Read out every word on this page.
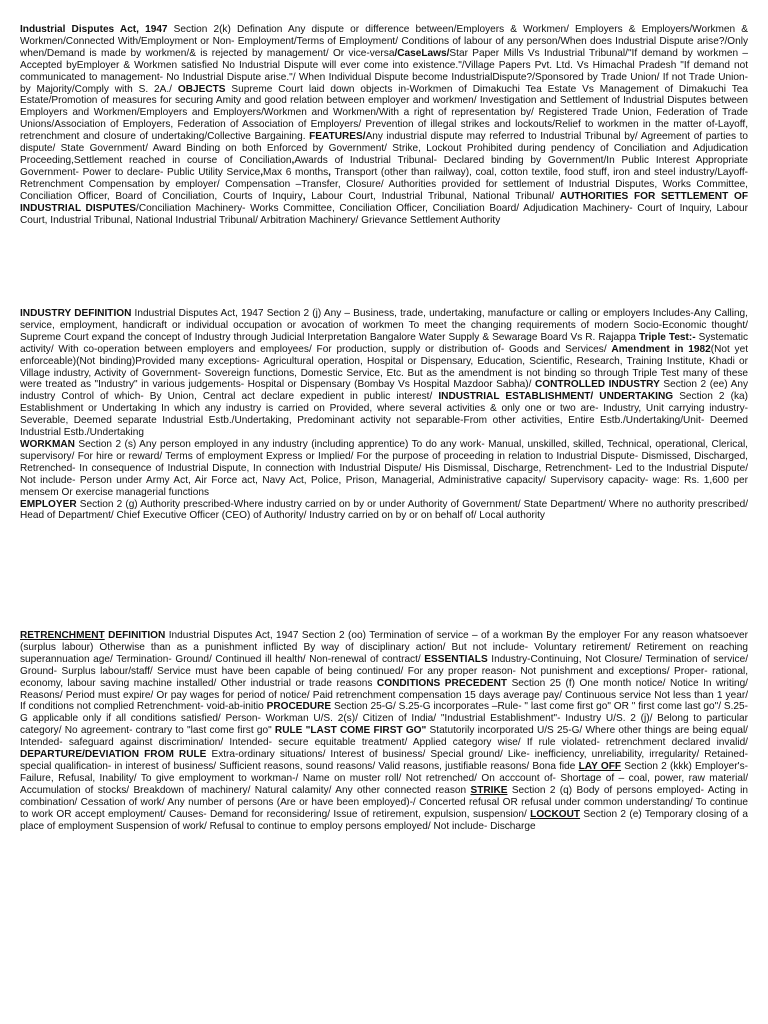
Industrial Disputes Act, 1947 Section 2(k) Defination Any dispute or difference between/Employers & Workmen/ Employers & Employers/Workmen & Workmen/Connected With/Employment or Non- Employment/Terms of Employment/ Conditions of labour of any person/When does Industrial Dispute arise?/Only when/Demand is made by workmen/& is rejected by management/ Or vice-versa/CaseLaws/Star Paper Mills Vs Industrial Tribunal/"If demand by workmen – Accepted byEmployer & Workmen satisfied No Industrial Dispute will ever come into existence."/Village Papers Pvt. Ltd. Vs Himachal Pradesh "If demand not communicated to management- No Industrial Dispute arise."/ When Individual Dispute become IndustrialDispute?/Sponsored by Trade Union/ If not Trade Union- by Majority/Comply with S. 2A./ OBJECTS Supreme Court laid down objects in-Workmen of Dimakuchi Tea Estate Vs Management of Dimakuchi Tea Estate/Promotion of measures for securing Amity and good relation between employer and workmen/ Investigation and Settlement of Industrial Disputes between Employers and Workmen/Employers and Employers/Workmen and Workmen/With a right of representation by/ Registered Trade Union, Federation of Trade Unions/Association of Employers, Federation of Association of Employers/ Prevention of illegal strikes and lockouts/Relief to workmen in the matter of-Layoff, retrenchment and closure of undertaking/Collective Bargaining. FEATURES/Any industrial dispute may referred to Industrial Tribunal by/ Agreement of parties to dispute/ State Government/ Award Binding on both Enforced by Government/ Strike, Lockout Prohibited during pendency of Conciliation and Adjudication Proceeding,Settlement reached in course of Conciliation,Awards of Industrial Tribunal- Declared binding by Government/In Public Interest Appropriate Government- Power to declare- Public Utility Service,Max 6 months, Transport (other than railway), coal, cotton textile, food stuff, iron and steel industry/Layoff- Retrenchment Compensation by employer/ Compensation –Transfer, Closure/ Authorities provided for settlement of Industrial Disputes, Works Committee, Conciliation Officer, Board of Conciliation, Courts of Inquiry, Labour Court, Industrial Tribunal, National Tribunal/ AUTHORITIES FOR SETTLEMENT OF INDUSTRIAL DISPUTES/Conciliation Machinery- Works Committee, Conciliation Officer, Conciliation Board/ Adjudication Machinery- Court of Inquiry, Labour Court, Industrial Tribunal, National Industrial Tribunal/ Arbitration Machinery/ Grievance Settlement Authority

INDUSTRY DEFINITION Industrial Disputes Act, 1947 Section 2 (j) Any – Business, trade, undertaking, manufacture or calling or employers Includes-Any Calling, service, employment, handicraft or individual occupation or avocation of workmen To meet the changing requirements of modern Socio-Economic thought/ Supreme Court expand the concept of Industry through Judicial Interpretation Bangalore Water Supply & Sewarage Board Vs R. Rajappa Triple Test:- Systematic activity/ With co-operation between employers and employees/ For production, supply or distribution of- Goods and Services/ Amendment in 1982(Not yet enforceable)(Not binding)Provided many exceptions- Agricultural operation, Hospital or Dispensary, Education, Scientific, Research, Training Institute, Khadi or Village industry, Activity of Government- Sovereign functions, Domestic Service, Etc. But as the amendment is not binding so through Triple Test many of these were treated as "Industry" in various judgements- Hospital or Dispensary (Bombay Vs Hospital Mazdoor Sabha)/ CONTROLLED INDUSTRY Section 2 (ee) Any industry Control of which- By Union, Central act declare expedient in public interest/ INDUSTRIAL ESTABLISHMENT/ UNDERTAKING Section 2 (ka) Establishment or Undertaking In which any industry is carried on Provided, where several activities & only one or two are- Industry, Unit carrying industry- Severable, Deemed separate Industrial Estb./Undertaking, Predominant activity not separable-From other activities, Entire Estb./Undertaking/Unit- Deemed Industrial Estb./Undertaking

WORKMAN Section 2 (s) Any person employed in any industry (including apprentice) To do any work- Manual, unskilled, skilled, Technical, operational, Clerical, supervisory/ For hire or reward/ Terms of employment Express or Implied/ For the purpose of proceeding in relation to Industrial Dispute- Dismissed, Discharged, Retrenched- In consequence of Industrial Dispute, In connection with Industrial Dispute/ His Dismissal, Discharge, Retrenchment- Led to the Industrial Dispute/ Not include- Person under Army Act, Air Force act, Navy Act, Police, Prison, Managerial, Administrative capacity/ Supervisory capacity- wage: Rs. 1,600 per mensem Or exercise managerial functions

EMPLOYER Section 2 (g) Authority prescribed-Where industry carried on by or under Authority of Government/ State Department/ Where no authority prescribed/ Head of Department/ Chief Executive Officer (CEO) of Authority/ Industry carried on by or on behalf of/ Local authority

RETRENCHMENT DEFINITION Industrial Disputes Act, 1947 Section 2 (oo) Termination of service – of a workman By the employer For any reason whatsoever (surplus labour) Otherwise than as a punishment inflicted By way of disciplinary action/ But not include- Voluntary retirement/ Retirement on reaching superannuation age/ Termination- Ground/ Continued ill health/ Non-renewal of contract/ ESSENTIALS Industry-Continuing, Not Closure/ Termination of service/ Ground- Surplus labour/staff/ Service must have been capable of being continued/ For any proper reason- Not punishment and exceptions/ Proper- rational, economy, labour saving machine installed/ Other industrial or trade reasons CONDITIONS PRECEDENT Section 25 (f) One month notice/ Notice In writing/ Reasons/ Period must expire/ Or pay wages for period of notice/ Paid retrenchment compensation 15 days average pay/ Continuous service Not less than 1 year/ If conditions not complied Retrenchment- void-ab-initio PROCEDURE Section 25-G/ S.25-G incorporates –Rule- " last come first go" OR " first come last go"/ S.25-G applicable only if all conditions satisfied/ Person- Workman U/S. 2(s)/ Citizen of India/ "Industrial Establishment"- Industry U/S. 2 (j)/ Belong to particular category/ No agreement- contrary to "last come first go" RULE "LAST COME FIRST GO" Statutorily incorporated U/S 25-G/ Where other things are being equal/ Intended- safeguard against discrimination/ Intended- secure equitable treatment/ Applied category wise/ If rule violated- retrenchment declared invalid/ DEPARTURE/DEVIATION FROM RULE Extra-ordinary situations/ Interest of business/ Special ground/ Like- inefficiency, unreliability, irregularity/ Retained- special qualification- in interest of business/ Sufficient reasons, sound reasons/ Valid reasons, justifiable reasons/ Bona fide LAY OFF Section 2 (kkk) Employer's- Failure, Refusal, Inability/ To give employment to workman-/ Name on muster roll/ Not retrenched/ On acccount of- Shortage of – coal, power, raw material/ Accumulation of stocks/ Breakdown of machinery/ Natural calamity/ Any other connected reason STRIKE Section 2 (q) Body of persons employed- Acting in combination/ Cessation of work/ Any number of persons (Are or have been employed)-/ Concerted refusal OR refusal under common understanding/ To continue to work OR accept employment/ Causes- Demand for reconsidering/ Issue of retirement, expulsion, suspension/ LOCKOUT Section 2 (e) Temporary closing of a place of employment Suspension of work/ Refusal to continue to employ persons employed/ Not include- Discharge
